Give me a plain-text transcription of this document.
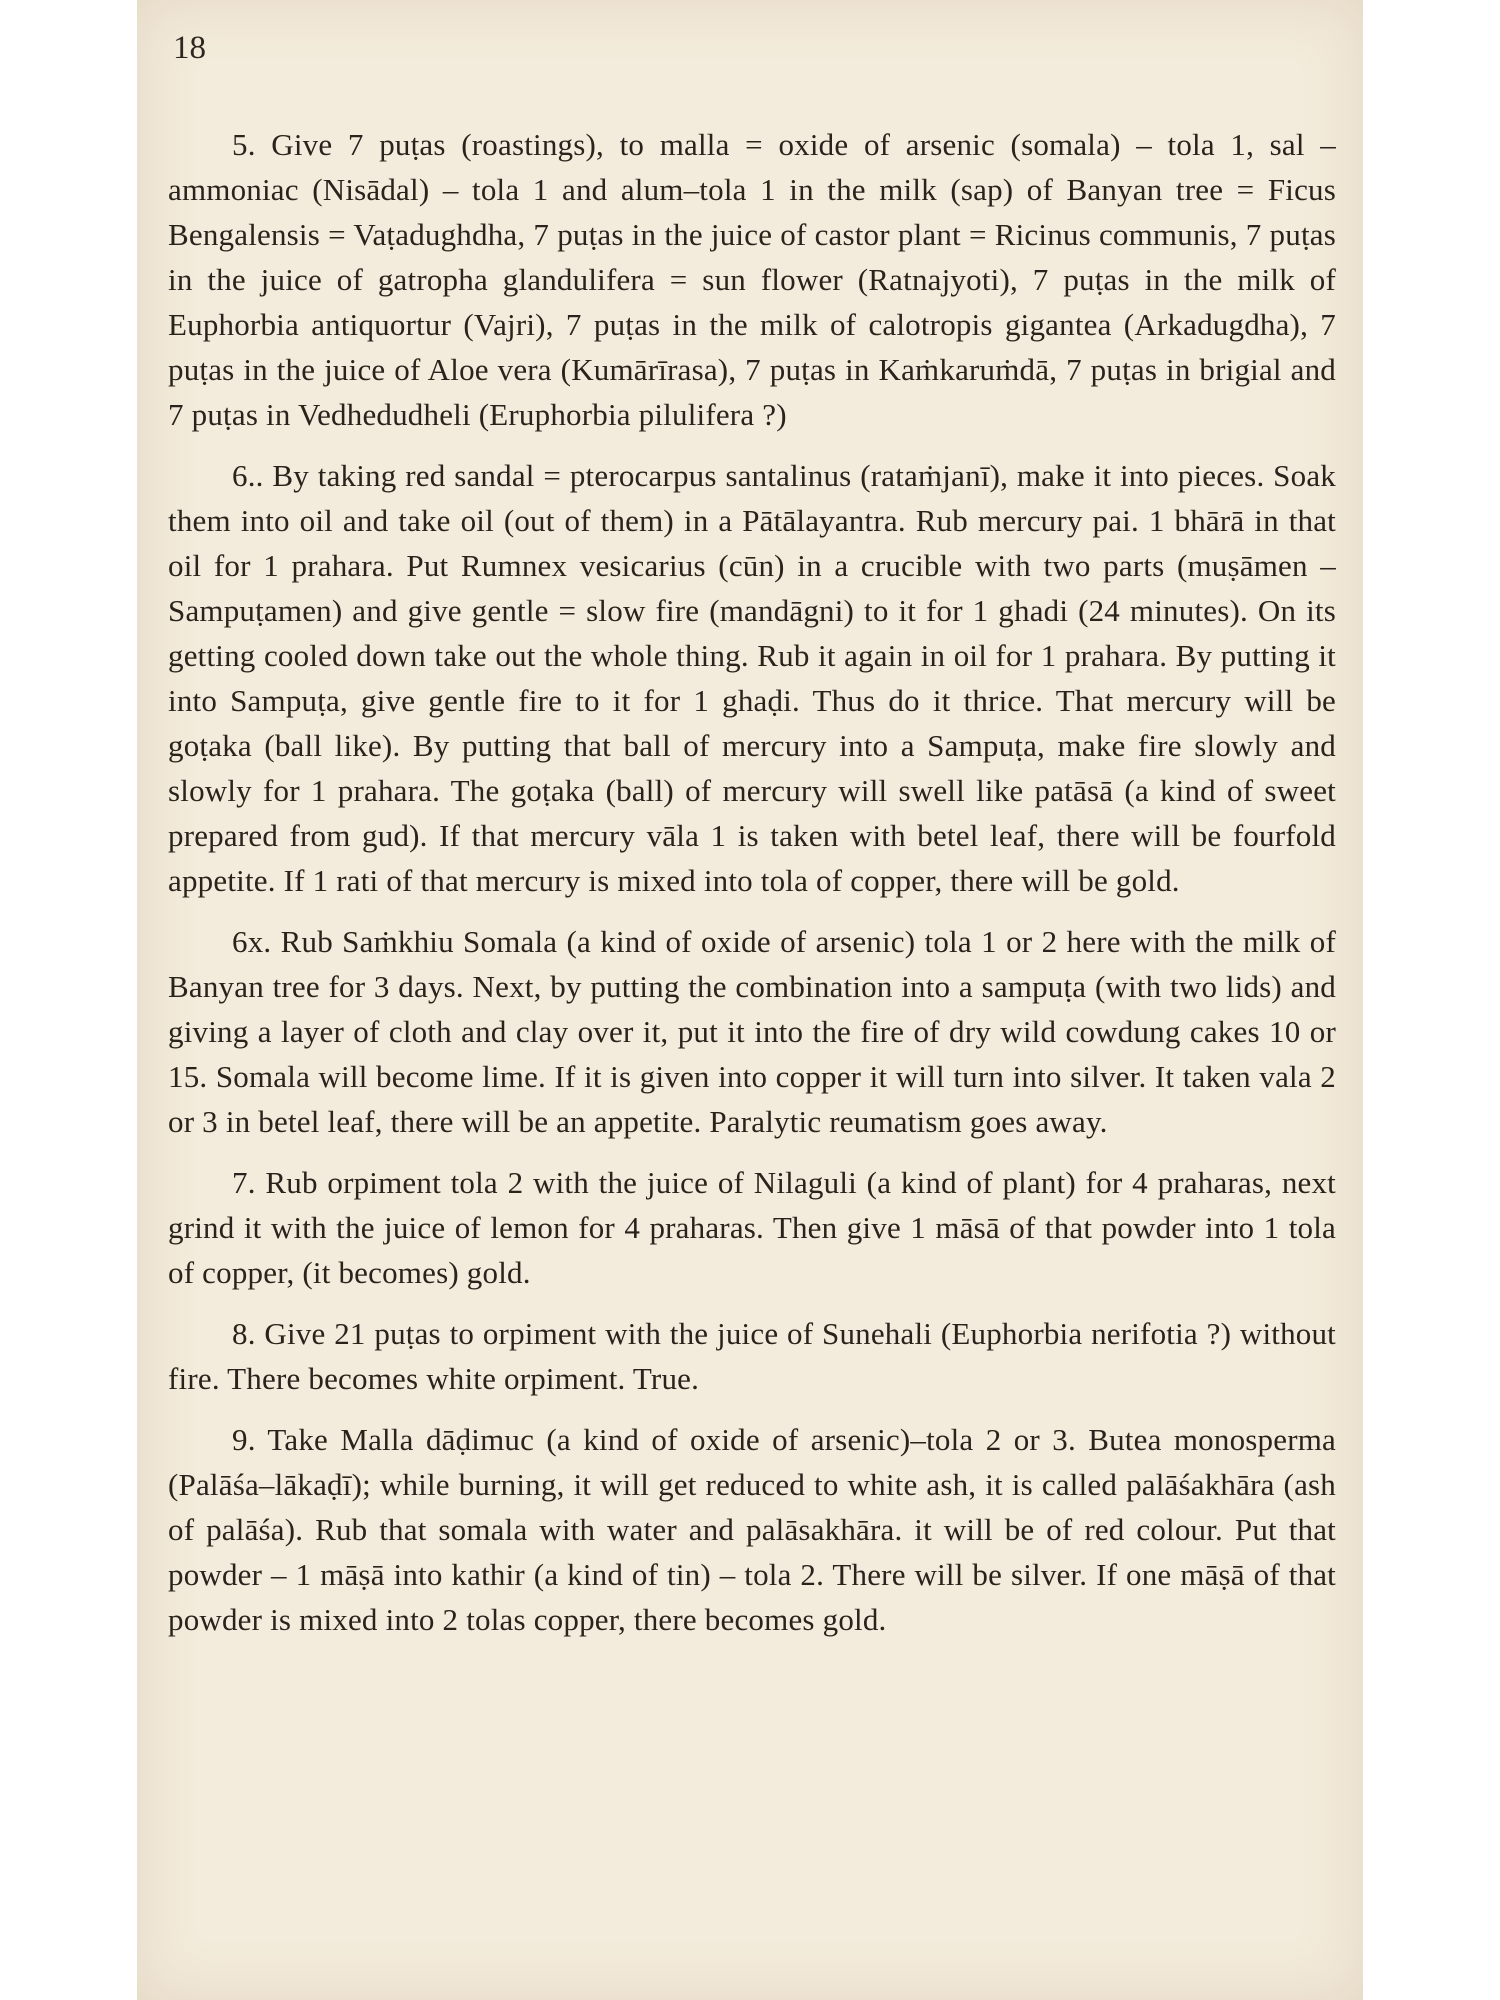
18

5. Give 7 puṭas (roastings), to malla = oxide of arsenic (somala) – tola 1, sal – ammoniac (Nisādal) – tola 1 and alum–tola 1 in the milk (sap) of Banyan tree = Ficus Bengalensis = Vaṭadughdha, 7 puṭas in the juice of castor plant = Ricinus communis, 7 puṭas in the juice of gatropha glandulifera = sun flower (Ratnajyoti), 7 puṭas in the milk of Euphorbia antiquortur (Vajri), 7 puṭas in the milk of calotropis gigantea (Arkadugdha), 7 puṭas in the juice of Aloe vera (Kumārīrasa), 7 puṭas in Kaṁkaruṁdā, 7 puṭas in brigial and 7 puṭas in Vedhedudheli (Eruphorbia pilulifera ?)

6.. By taking red sandal = pterocarpus santalinus (rataṁjanī), make it into pieces. Soak them into oil and take oil (out of them) in a Pātālayantra. Rub mercury pai. 1 bhārā in that oil for 1 prahara. Put Rumnex vesicarius (cūn) in a crucible with two parts (muṣāmen – Sampuṭamen) and give gentle = slow fire (mandāgni) to it for 1 ghadi (24 minutes). On its getting cooled down take out the whole thing. Rub it again in oil for 1 prahara. By putting it into Sampuṭa, give gentle fire to it for 1 ghaḍi. Thus do it thrice. That mercury will be goṭaka (ball like). By putting that ball of mercury into a Sampuṭa, make fire slowly and slowly for 1 prahara. The goṭaka (ball) of mercury will swell like patāsā (a kind of sweet prepared from gud). If that mercury vāla 1 is taken with betel leaf, there will be fourfold appetite. If 1 rati of that mercury is mixed into tola of copper, there will be gold.

6x. Rub Saṁkhiu Somala (a kind of oxide of arsenic) tola 1 or 2 here with the milk of Banyan tree for 3 days. Next, by putting the combination into a sampuṭa (with two lids) and giving a layer of cloth and clay over it, put it into the fire of dry wild cowdung cakes 10 or 15. Somala will become lime. If it is given into copper it will turn into silver. It taken vala 2 or 3 in betel leaf, there will be an appetite. Paralytic reumatism goes away.

7. Rub orpiment tola 2 with the juice of Nilaguli (a kind of plant) for 4 praharas, next grind it with the juice of lemon for 4 praharas. Then give 1 māsā of that powder into 1 tola of copper, (it becomes) gold.

8. Give 21 puṭas to orpiment with the juice of Sunehali (Euphorbia nerifotia ?) without fire. There becomes white orpiment. True.

9. Take Malla dāḍimuc (a kind of oxide of arsenic)–tola 2 or 3. Butea monosperma (Palāśa–lākaḍī); while burning, it will get reduced to white ash, it is called palāśakhāra (ash of palāśa). Rub that somala with water and palāsakhāra. it will be of red colour. Put that powder – 1 māṣā into kathir (a kind of tin) – tola 2. There will be silver. If one māṣā of that powder is mixed into 2 tolas copper, there becomes gold.
